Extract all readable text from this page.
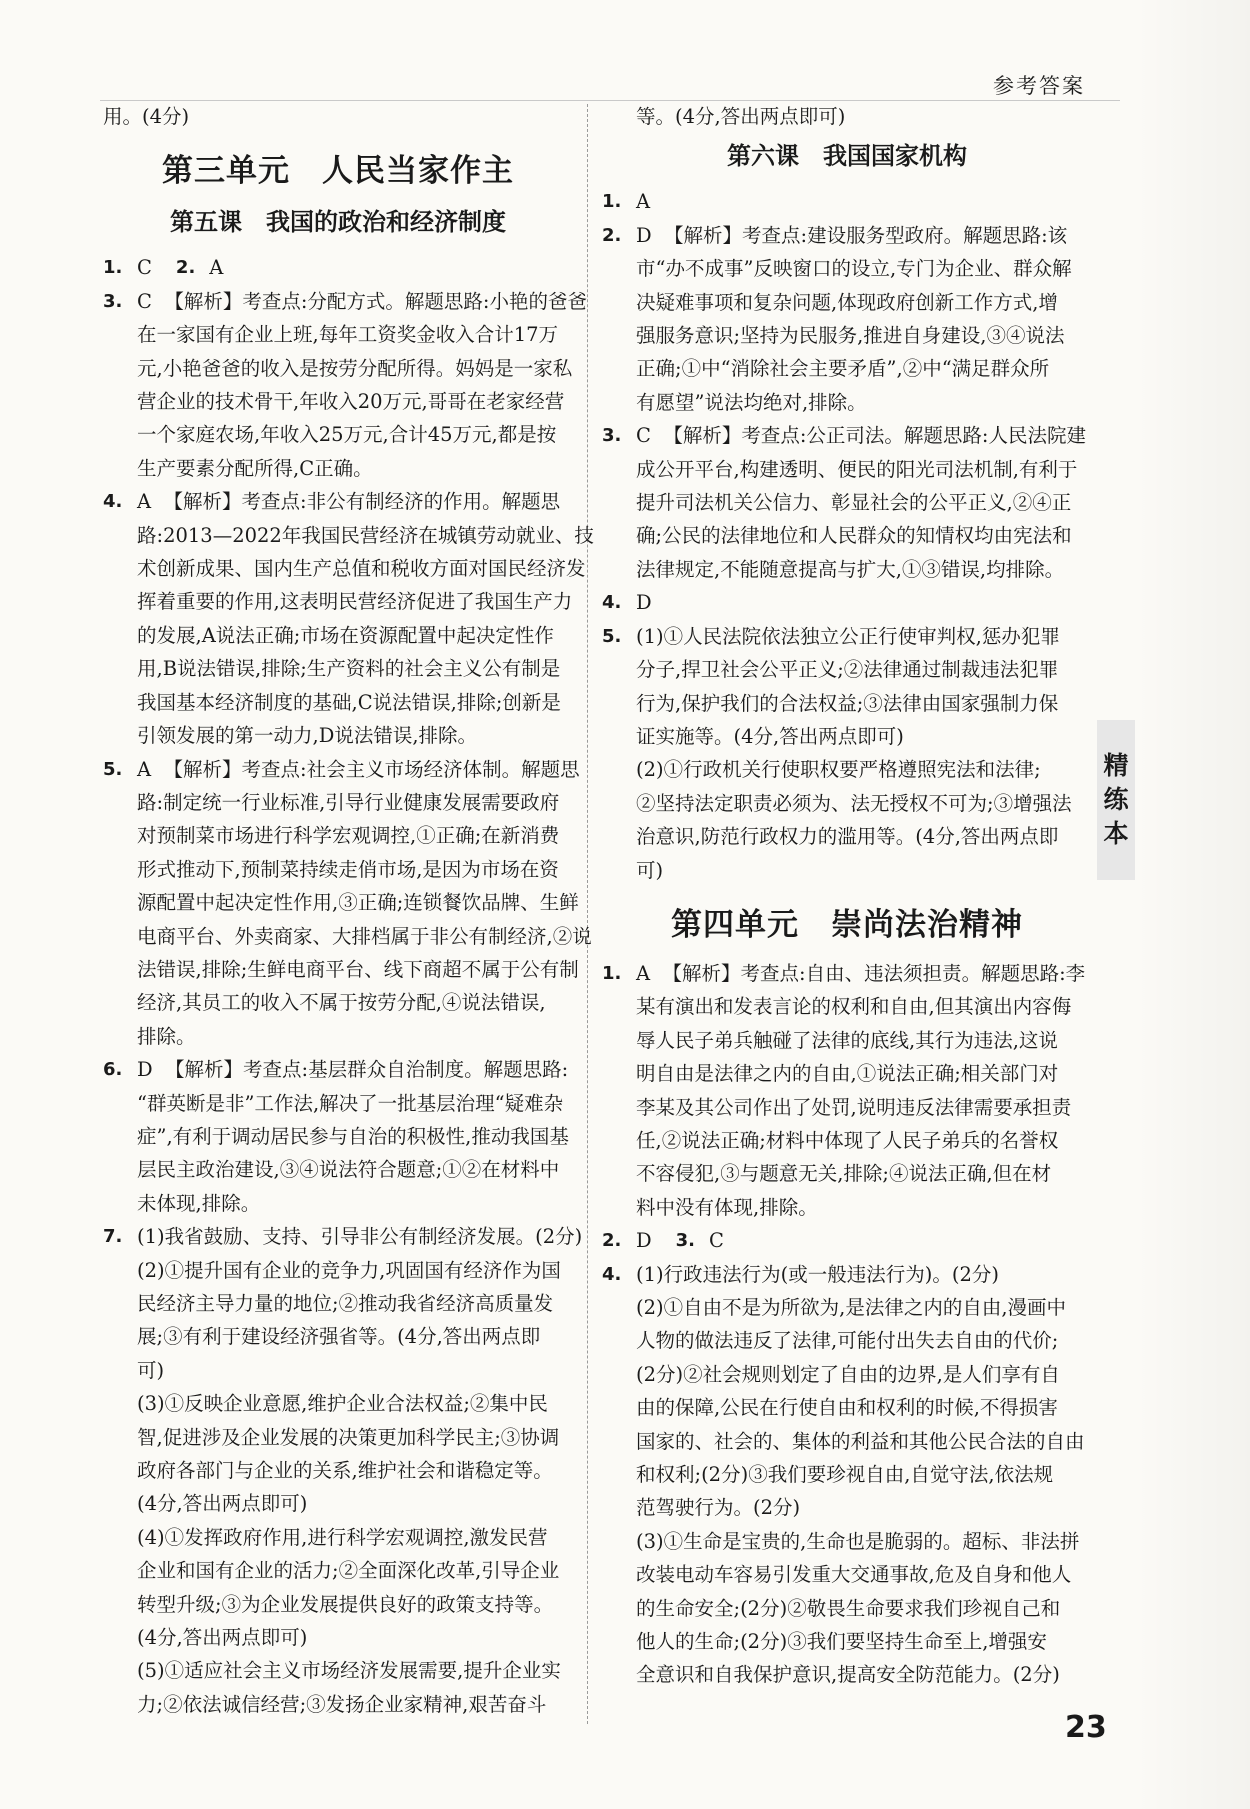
参考答案
用。(4分)
第三单元　人民当家作主
第五课　我国的政治和经济制度
1. C 2. A
3. C 【解析】考查点:分配方式。解题思路:小艳的爸爸
在一家国有企业上班,每年工资奖金收入合计17万
元,小艳爸爸的收入是按劳分配所得。妈妈是一家私
营企业的技术骨干,年收入20万元,哥哥在老家经营
一个家庭农场,年收入25万元,合计45万元,都是按
生产要素分配所得,C正确。
4. A 【解析】考查点:非公有制经济的作用。解题思
路:2013—2022年我国民营经济在城镇劳动就业、技
术创新成果、国内生产总值和税收方面对国民经济发
挥着重要的作用,这表明民营经济促进了我国生产力
的发展,A说法正确;市场在资源配置中起决定性作
用,B说法错误,排除;生产资料的社会主义公有制是
我国基本经济制度的基础,C说法错误,排除;创新是
引领发展的第一动力,D说法错误,排除。
5. A 【解析】考查点:社会主义市场经济体制。解题思
路:制定统一行业标准,引导行业健康发展需要政府
对预制菜市场进行科学宏观调控,①正确;在新消费
形式推动下,预制菜持续走俏市场,是因为市场在资
源配置中起决定性作用,③正确;连锁餐饮品牌、生鲜
电商平台、外卖商家、大排档属于非公有制经济,②说
法错误,排除;生鲜电商平台、线下商超不属于公有制
经济,其员工的收入不属于按劳分配,④说法错误,
排除。
6. D 【解析】考查点:基层群众自治制度。解题思路:
“群英断是非”工作法,解决了一批基层治理“疑难杂
症”,有利于调动居民参与自治的积极性,推动我国基
层民主政治建设,③④说法符合题意;①②在材料中
未体现,排除。
7. (1)我省鼓励、支持、引导非公有制经济发展。(2分)
(2)①提升国有企业的竞争力,巩固国有经济作为国
民经济主导力量的地位;②推动我省经济高质量发
展;③有利于建设经济强省等。(4分,答出两点即
可)
(3)①反映企业意愿,维护企业合法权益;②集中民
智,促进涉及企业发展的决策更加科学民主;③协调
政府各部门与企业的关系,维护社会和谐稳定等。
(4分,答出两点即可)
(4)①发挥政府作用,进行科学宏观调控,激发民营
企业和国有企业的活力;②全面深化改革,引导企业
转型升级;③为企业发展提供良好的政策支持等。
(4分,答出两点即可)
(5)①适应社会主义市场经济发展需要,提升企业实
力;②依法诚信经营;③发扬企业家精神,艰苦奋斗
等。(4分,答出两点即可)
第六课　我国国家机构
1. A
2. D 【解析】考查点:建设服务型政府。解题思路:该
市“办不成事”反映窗口的设立,专门为企业、群众解
决疑难事项和复杂问题,体现政府创新工作方式,增
强服务意识;坚持为民服务,推进自身建设,③④说法
正确;①中“消除社会主要矛盾”,②中“满足群众所
有愿望”说法均绝对,排除。
3. C 【解析】考查点:公正司法。解题思路:人民法院建
成公开平台,构建透明、便民的阳光司法机制,有利于
提升司法机关公信力、彰显社会的公平正义,②④正
确;公民的法律地位和人民群众的知情权均由宪法和
法律规定,不能随意提高与扩大,①③错误,均排除。
4. D
5. (1)①人民法院依法独立公正行使审判权,惩办犯罪
分子,捍卫社会公平正义;②法律通过制裁违法犯罪
行为,保护我们的合法权益;③法律由国家强制力保
证实施等。(4分,答出两点即可)
(2)①行政机关行使职权要严格遵照宪法和法律;
②坚持法定职责必须为、法无授权不可为;③增强法
治意识,防范行政权力的滥用等。(4分,答出两点即
可)
第四单元　崇尚法治精神
1. A 【解析】考查点:自由、违法须担责。解题思路:李
某有演出和发表言论的权利和自由,但其演出内容侮
辱人民子弟兵触碰了法律的底线,其行为违法,这说
明自由是法律之内的自由,①说法正确;相关部门对
李某及其公司作出了处罚,说明违反法律需要承担责
任,②说法正确;材料中体现了人民子弟兵的名誉权
不容侵犯,③与题意无关,排除;④说法正确,但在材
料中没有体现,排除。
2. D 3. C
4. (1)行政违法行为(或一般违法行为)。(2分)
(2)①自由不是为所欲为,是法律之内的自由,漫画中
人物的做法违反了法律,可能付出失去自由的代价;
(2分)②社会规则划定了自由的边界,是人们享有自
由的保障,公民在行使自由和权利的时候,不得损害
国家的、社会的、集体的利益和其他公民合法的自由
和权利;(2分)③我们要珍视自由,自觉守法,依法规
范驾驶行为。(2分)
(3)①生命是宝贵的,生命也是脆弱的。超标、非法拼
改装电动车容易引发重大交通事故,危及自身和他人
的生命安全;(2分)②敬畏生命要求我们珍视自己和
他人的生命;(2分)③我们要坚持生命至上,增强安
全意识和自我保护意识,提高安全防范能力。(2分)
精
练
本
23
